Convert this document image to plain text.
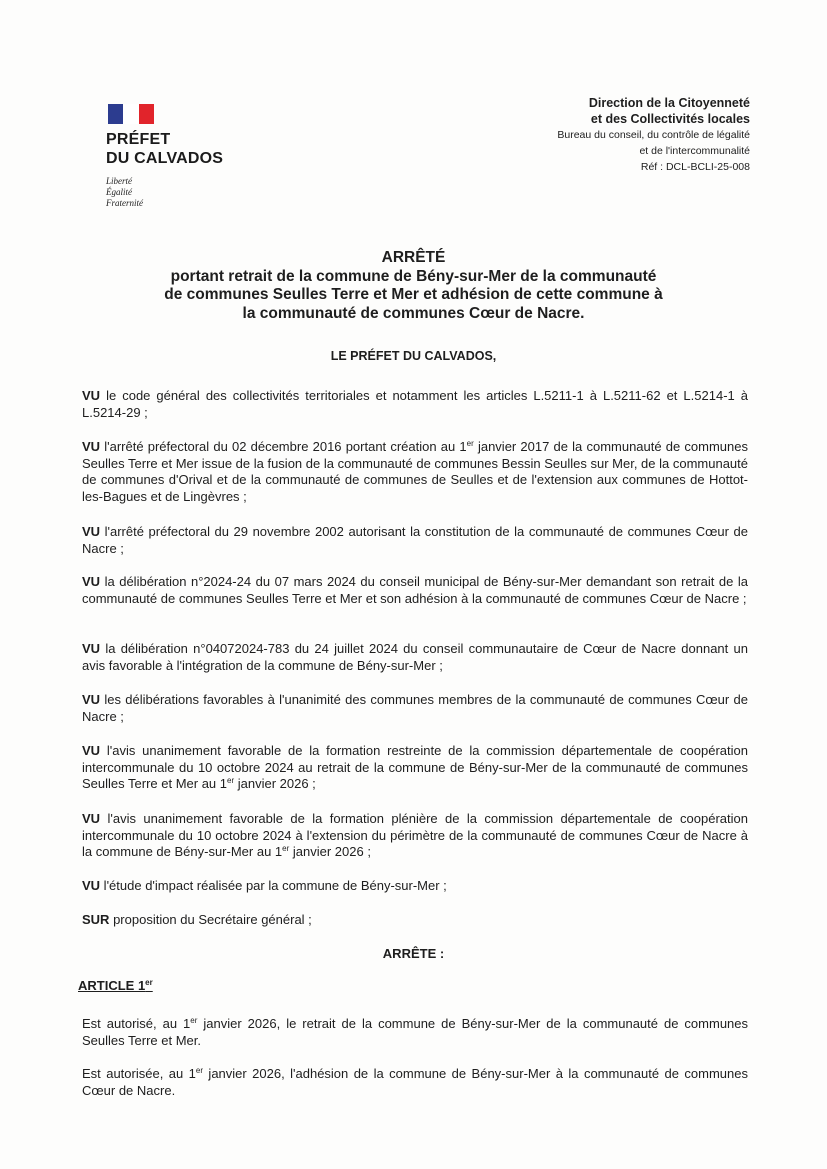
PRÉFET
DU CALVADOS
Liberté
Égalité
Fraternité
Direction de la Citoyenneté
et des Collectivités locales
Bureau du conseil, du contrôle de légalité
et de l'intercommunalité
Réf : DCL-BCLI-25-008
ARRÊTÉ
portant retrait de la commune de Bény-sur-Mer de la communauté
de communes Seulles Terre et Mer et adhésion de cette commune à
la communauté de communes Cœur de Nacre.
LE PRÉFET DU CALVADOS,
VU le code général des collectivités territoriales et notamment les articles L.5211-1 à L.5211-62 et L.5214-1 à L.5214-29 ;
VU l'arrêté préfectoral du 02 décembre 2016 portant création au 1er janvier 2017 de la communauté de communes Seulles Terre et Mer issue de la fusion de la communauté de communes Bessin Seulles sur Mer, de la communauté de communes d'Orival et de la communauté de communes de Seulles et de l'extension aux communes de Hottot-les-Bagues et de Lingèvres ;
VU l'arrêté préfectoral du 29 novembre 2002 autorisant la constitution de la communauté de communes Cœur de Nacre ;
VU la délibération n°2024-24 du 07 mars 2024 du conseil municipal de Bény-sur-Mer demandant son retrait de la communauté de communes Seulles Terre et Mer et son adhésion à la communauté de communes Cœur de Nacre ;
VU la délibération n°04072024-783 du 24 juillet 2024 du conseil communautaire de Cœur de Nacre donnant un avis favorable à l'intégration de la commune de Bény-sur-Mer ;
VU les délibérations favorables à l'unanimité des communes membres de la communauté de communes Cœur de Nacre ;
VU l'avis unanimement favorable de la formation restreinte de la commission départementale de coopération intercommunale du 10 octobre 2024 au retrait de la commune de Bény-sur-Mer de la communauté de communes Seulles Terre et Mer au 1er janvier 2026 ;
VU l'avis unanimement favorable de la formation plénière de la commission départementale de coopération intercommunale du 10 octobre 2024 à l'extension du périmètre de la communauté de communes Cœur de Nacre à la commune de Bény-sur-Mer au 1er janvier 2026 ;
VU l'étude d'impact réalisée par la commune de Bény-sur-Mer ;
SUR proposition du Secrétaire général ;
ARRÊTE :
ARTICLE 1er
Est autorisé, au 1er janvier 2026, le retrait de la commune de Bény-sur-Mer de la communauté de communes Seulles Terre et Mer.
Est autorisée, au 1er janvier 2026, l'adhésion de la commune de Bény-sur-Mer à la communauté de communes Cœur de Nacre.
